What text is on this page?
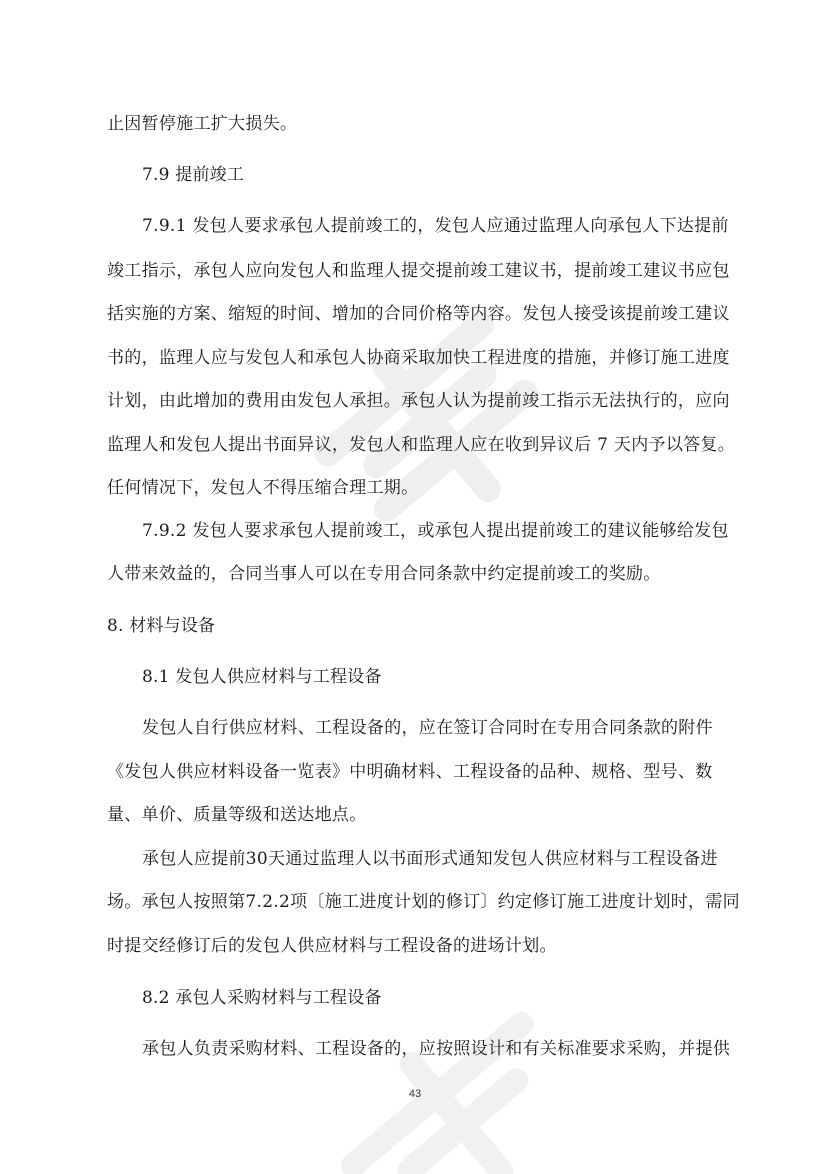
止因暂停施工扩大损失。

7.9 提前竣工

7.9.1 发包人要求承包人提前竣工的，发包人应通过监理人向承包人下达提前

竣工指示，承包人应向发包人和监理人提交提前竣工建议书，提前竣工建议书应包

括实施的方案、缩短的时间、增加的合同价格等内容。发包人接受该提前竣工建议

书的，监理人应与发包人和承包人协商采取加快工程进度的措施，并修订施工进度

计划，由此增加的费用由发包人承担。承包人认为提前竣工指示无法执行的，应向

监理人和发包人提出书面异议，发包人和监理人应在收到异议后 7 天内予以答复。

任何情况下，发包人不得压缩合理工期。

7.9.2 发包人要求承包人提前竣工，或承包人提出提前竣工的建议能够给发包

人带来效益的，合同当事人可以在专用合同条款中约定提前竣工的奖励。

8. 材料与设备

8.1 发包人供应材料与工程设备

发包人自行供应材料、工程设备的，应在签订合同时在专用合同条款的附件

《发包人供应材料设备一览表》中明确材料、工程设备的品种、规格、型号、数

量、单价、质量等级和送达地点。

承包人应提前30天通过监理人以书面形式通知发包人供应材料与工程设备进

场。承包人按照第7.2.2项〔施工进度计划的修订〕约定修订施工进度计划时，需同

时提交经修订后的发包人供应材料与工程设备的进场计划。

8.2 承包人采购材料与工程设备

承包人负责采购材料、工程设备的，应按照设计和有关标准要求采购，并提供

43
